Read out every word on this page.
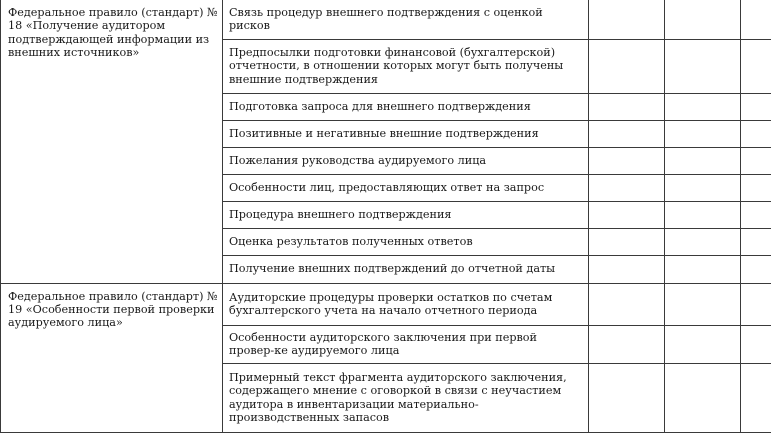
Федеральное правило (стандарт) № 18 «Получение аудитором подтверждающей информации из внешних источников»	Связь процедур внешнего подтверждения с оценкой рисков			

	Предпосылки подготовки финансовой (бухгалтерской) отчетности, в отношении которых могут быть получены внешние подтверждения			

	Подготовка запроса для внешнего подтверждения			

	Позитивные и негативные внешние подтверждения			

	Пожелания руководства аудируемого лица			

	Особенности лиц, предоставляющих ответ на запрос			

	Процедура внешнего подтверждения			

	Оценка результатов полученных ответов			

	Получение внешних подтверждений до отчетной даты			

Федеральное правило (стандарт) № 19 «Особенности первой проверки аудируемого лица»	Аудиторские процедуры проверки остатков по счетам бухгалтерского учета на начало отчетного периода			

	Особенности аудиторского заключения при первой провер-ке аудируемого лица			

	Примерный текст фрагмента аудиторского заключения, содержащего мнение с оговоркой в связи с неучастием аудитора в инвентаризации материально-производственных запасов			
